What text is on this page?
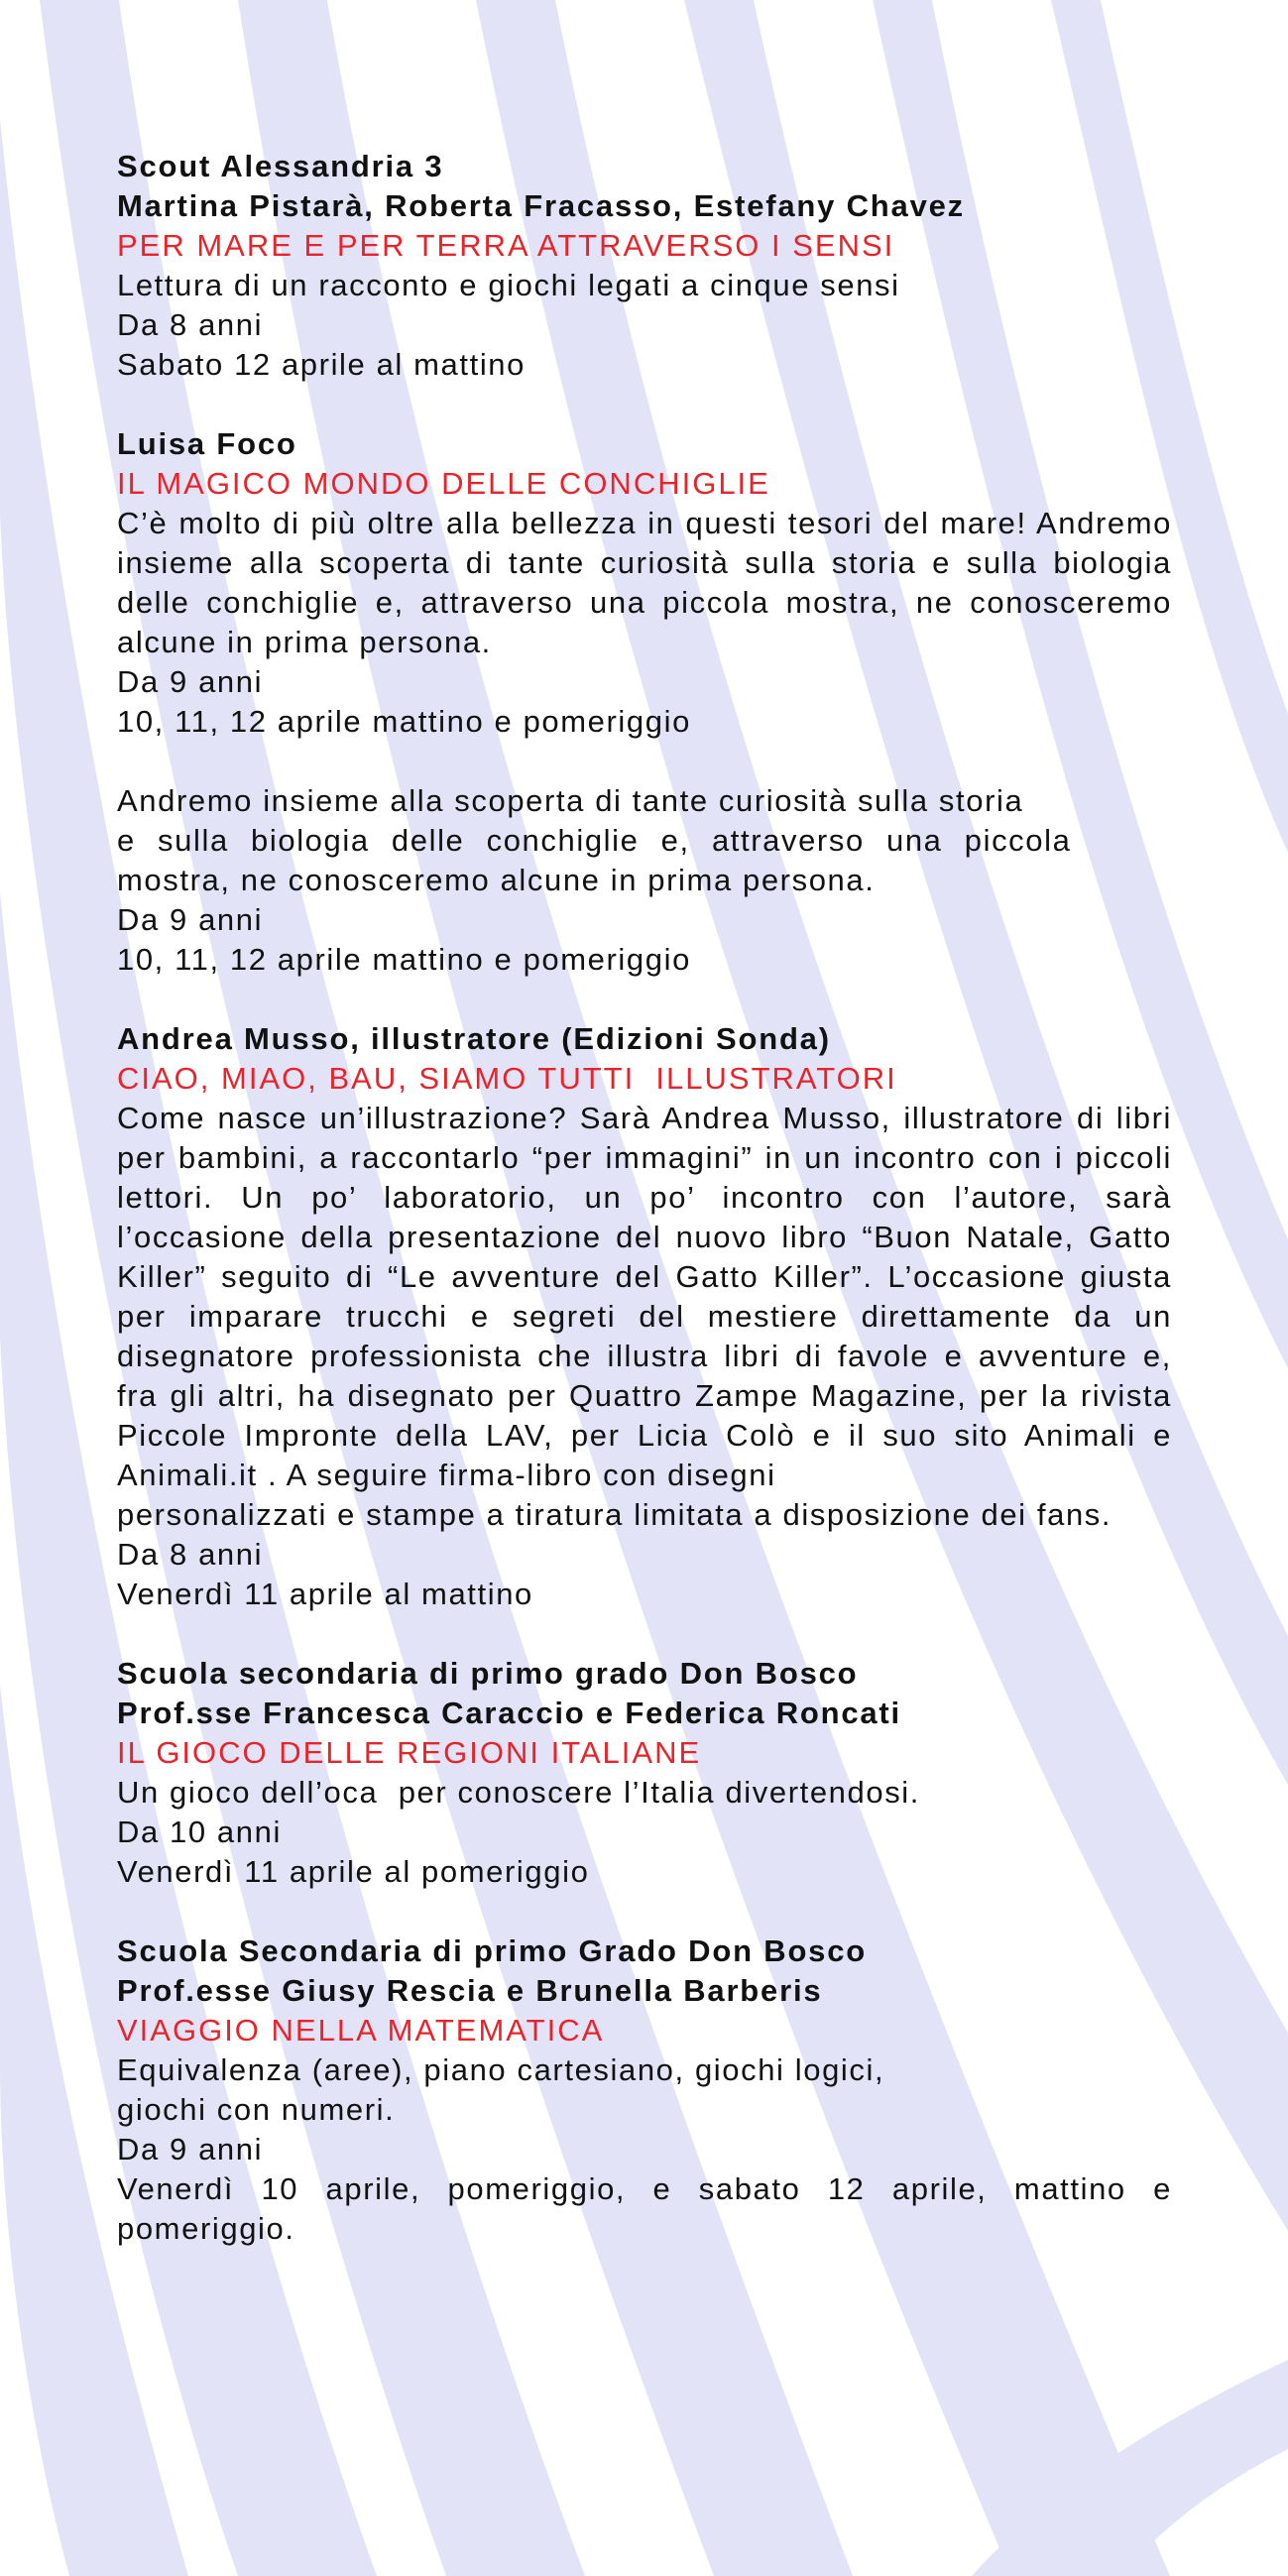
Scout Alessandria 3

Martina Pistarà, Roberta Fracasso, Estefany Chavez

PER MARE E PER TERRA ATTRAVERSO I SENSI

Lettura di un racconto e giochi legati a cinque sensi

Da 8 anni

Sabato 12 aprile al mattino

Luisa Foco

IL MAGICO MONDO DELLE CONCHIGLIE

C’è molto di più oltre alla bellezza in questi tesori del mare! Andremo insieme alla scoperta di tante curiosità sulla storia e sulla biologia delle conchiglie e, attraverso una piccola mostra, ne conosceremo alcune in prima persona.

Da 9 anni

10, 11, 12 aprile mattino e pomeriggio

Andremo insieme alla scoperta di tante curiosità sulla storia

e sulla biologia delle conchiglie e, attraverso una piccola

mostra, ne conosceremo alcune in prima persona.

Da 9 anni

10, 11, 12 aprile mattino e pomeriggio

Andrea Musso, illustratore (Edizioni Sonda)

CIAO, MIAO, BAU, SIAMO TUTTI  ILLUSTRATORI

Come nasce un’illustrazione? Sarà Andrea Musso, illustratore di libri per bambini, a raccontarlo “per immagini” in un incontro con i piccoli lettori. Un po’ laboratorio, un po’ incontro con l’autore, sarà l’occasione della presentazione del nuovo libro “Buon Natale, Gatto Killer” seguito di “Le avventure del Gatto Killer”. L’occasione giusta per imparare trucchi e segreti del mestiere direttamente da un disegnatore professionista che illustra libri di favole e avventure e, fra gli altri, ha disegnato per Quattro Zampe Magazine, per la rivista Piccole Impronte della LAV, per Licia Colò e il suo sito Animali e Animali.it . A seguire firma-libro con disegni

personalizzati e stampe a tiratura limitata a disposizione dei fans.

Da 8 anni

Venerdì 11 aprile al mattino

Scuola secondaria di primo grado Don Bosco

Prof.sse Francesca Caraccio e Federica Roncati

IL GIOCO DELLE REGIONI ITALIANE

Un gioco dell’oca  per conoscere l’Italia divertendosi.

Da 10 anni

Venerdì 11 aprile al pomeriggio

Scuola Secondaria di primo Grado Don Bosco

Prof.esse Giusy Rescia e Brunella Barberis

VIAGGIO NELLA MATEMATICA

Equivalenza (aree), piano cartesiano, giochi logici,

giochi con numeri.

Da 9 anni

Venerdì 10 aprile, pomeriggio, e sabato 12 aprile, mattino e pomeriggio.
